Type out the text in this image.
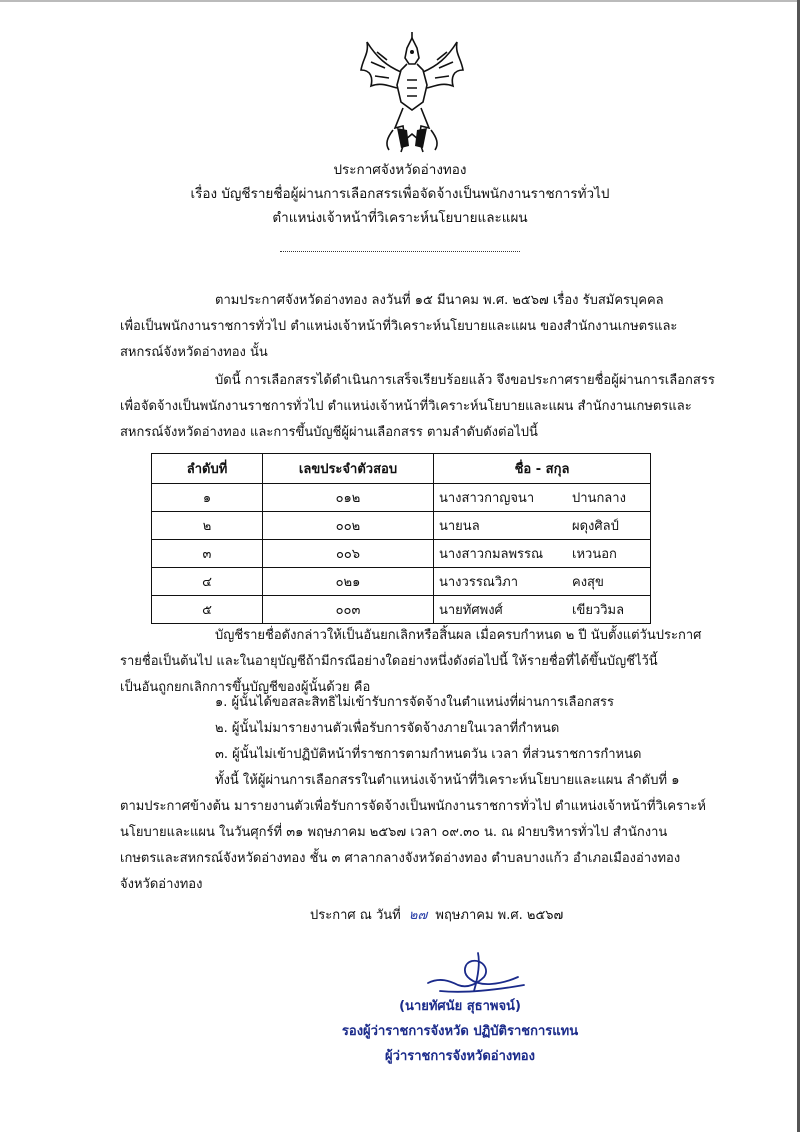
ประกาศจังหวัดอ่างทอง
เรื่อง บัญชีรายชื่อผู้ผ่านการเลือกสรรเพื่อจัดจ้างเป็นพนักงานราชการทั่วไป
ตำแหน่งเจ้าหน้าที่วิเคราะห์นโยบายและแผน
ตามประกาศจังหวัดอ่างทอง ลงวันที่ ๑๕ มีนาคม พ.ศ. ๒๕๖๗ เรื่อง รับสมัครบุคคล
เพื่อเป็นพนักงานราชการทั่วไป ตำแหน่งเจ้าหน้าที่วิเคราะห์นโยบายและแผน ของสำนักงานเกษตรและ
สหกรณ์จังหวัดอ่างทอง นั้น
บัดนี้ การเลือกสรรได้ดำเนินการเสร็จเรียบร้อยแล้ว จึงขอประกาศรายชื่อผู้ผ่านการเลือกสรร
เพื่อจัดจ้างเป็นพนักงานราชการทั่วไป ตำแหน่งเจ้าหน้าที่วิเคราะห์นโยบายและแผน สำนักงานเกษตรและ
สหกรณ์จังหวัดอ่างทอง และการขึ้นบัญชีผู้ผ่านเลือกสรร ตามลำดับดังต่อไปนี้
ลำดับที่	เลขประจำตัวสอบ	ชื่อ - สกุล
๑	๐๑๒	นางสาวกาญจนา ปานกลาง
๒	๐๐๒	นายนล ผดุงศิลป์
๓	๐๐๖	นางสาวกมลพรรณ เหวนอก
๔	๐๒๑	นางวรรณวิภา คงสุข
๕	๐๐๓	นายทัศพงศ์ เขียววิมล
บัญชีรายชื่อดังกล่าวให้เป็นอันยกเลิกหรือสิ้นผล เมื่อครบกำหนด ๒ ปี นับตั้งแต่วันประกาศ
รายชื่อเป็นต้นไป และในอายุบัญชีถ้ามีกรณีอย่างใดอย่างหนึ่งดังต่อไปนี้ ให้รายชื่อที่ได้ขึ้นบัญชีไว้นี้
เป็นอันถูกยกเลิกการขึ้นบัญชีของผู้นั้นด้วย คือ
๑. ผู้นั้นได้ขอสละสิทธิไม่เข้ารับการจัดจ้างในตำแหน่งที่ผ่านการเลือกสรร
๒. ผู้นั้นไม่มารายงานตัวเพื่อรับการจัดจ้างภายในเวลาที่กำหนด
๓. ผู้นั้นไม่เข้าปฏิบัติหน้าที่ราชการตามกำหนดวัน เวลา ที่ส่วนราชการกำหนด
ทั้งนี้ ให้ผู้ผ่านการเลือกสรรในตำแหน่งเจ้าหน้าที่วิเคราะห์นโยบายและแผน ลำดับที่ ๑
ตามประกาศข้างต้น มารายงานตัวเพื่อรับการจัดจ้างเป็นพนักงานราชการทั่วไป ตำแหน่งเจ้าหน้าที่วิเคราะห์
นโยบายและแผน ในวันศุกร์ที่ ๓๑ พฤษภาคม ๒๕๖๗ เวลา ๐๙.๓๐ น. ณ ฝ่ายบริหารทั่วไป สำนักงาน
เกษตรและสหกรณ์จังหวัดอ่างทอง ชั้น ๓ ศาลากลางจังหวัดอ่างทอง ตำบลบางแก้ว อำเภอเมืองอ่างทอง
จังหวัดอ่างทอง
ประกาศ ณ วันที่ ๒๗ พฤษภาคม พ.ศ. ๒๕๖๗
(นายทัศนัย สุธาพจน์)
รองผู้ว่าราชการจังหวัด ปฏิบัติราชการแทน
ผู้ว่าราชการจังหวัดอ่างทอง
